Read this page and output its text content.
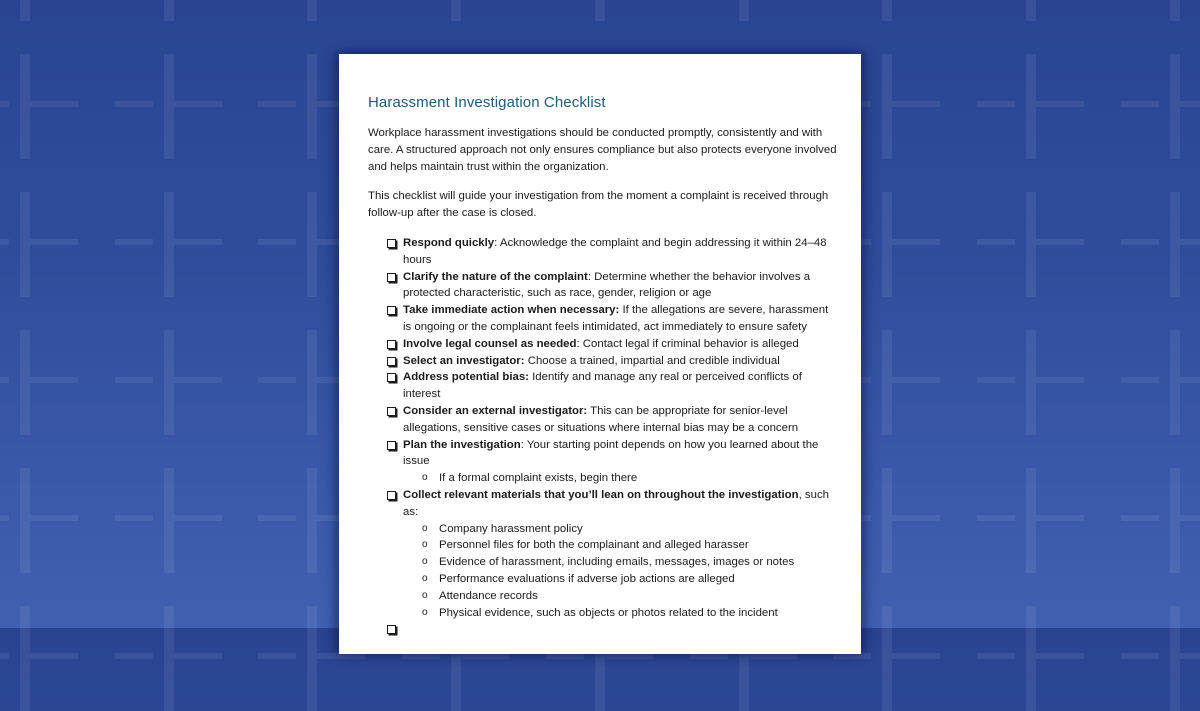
Harassment Investigation Checklist

Workplace harassment investigations should be conducted promptly, consistently and with care. A structured approach not only ensures compliance but also protects everyone involved and helps maintain trust within the organization.

This checklist will guide your investigation from the moment a complaint is received through follow-up after the case is closed.

Respond quickly: Acknowledge the complaint and begin addressing it within 24–48 hours
Clarify the nature of the complaint: Determine whether the behavior involves a protected characteristic, such as race, gender, religion or age
Take immediate action when necessary: If the allegations are severe, harassment is ongoing or the complainant feels intimidated, act immediately to ensure safety
Involve legal counsel as needed: Contact legal if criminal behavior is alleged
Select an investigator: Choose a trained, impartial and credible individual
Address potential bias: Identify and manage any real or perceived conflicts of interest
Consider an external investigator: This can be appropriate for senior-level allegations, sensitive cases or situations where internal bias may be a concern
Plan the investigation: Your starting point depends on how you learned about the issue
o If a formal complaint exists, begin there
Collect relevant materials that you’ll lean on throughout the investigation, such as:
o Company harassment policy
o Personnel files for both the complainant and alleged harasser
o Evidence of harassment, including emails, messages, images or notes
o Performance evaluations if adverse job actions are alleged
o Attendance records
o Physical evidence, such as objects or photos related to the incident
